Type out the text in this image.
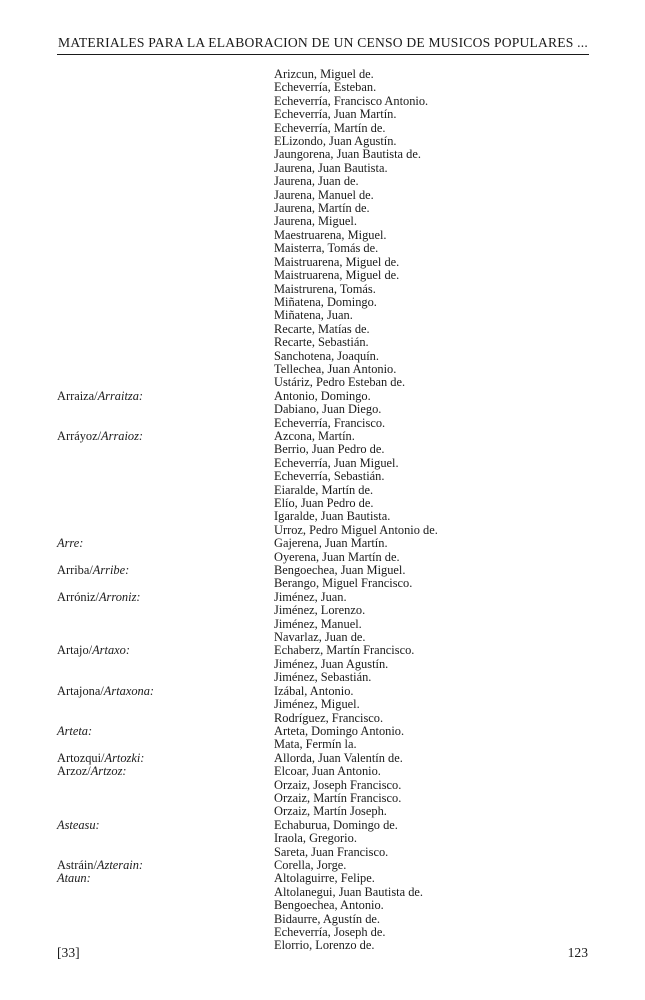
MATERIALES PARA LA ELABORACION DE UN CENSO DE MUSICOS POPULARES ...
Arizcun, Miguel de.
Echeverría, Esteban.
Echeverría, Francisco Antonio.
Echeverría, Juan Martín.
Echeverría, Martín de.
ELizondo, Juan Agustín.
Jaungorena, Juan Bautista de.
Jaurena, Juan Bautista.
Jaurena, Juan de.
Jaurena, Manuel de.
Jaurena, Martín de.
Jaurena, Miguel.
Maestruarena, Miguel.
Maisterra, Tomás de.
Maistruarena, Miguel de.
Maistruarena, Miguel de.
Maistrurena, Tomás.
Miñatena, Domingo.
Miñatena, Juan.
Recarte, Matías de.
Recarte, Sebastián.
Sanchotena, Joaquín.
Tellechea, Juan Antonio.
Ustáriz, Pedro Esteban de.
Arraiza/Arraitza:	Antonio, Domingo.
Dabiano, Juan Diego.
Echeverría, Francisco.
Arráyoz/Arraioz:	Azcona, Martín.
Berrio, Juan Pedro de.
Echeverría, Juan Miguel.
Echeverría, Sebastián.
Eiaralde, Martín de.
Elío, Juan Pedro de.
Igaralde, Juan Bautista.
Urroz, Pedro Miguel Antonio de.
Arre:	Gajerena, Juan Martín.
Oyerena, Juan Martín de.
Arriba/Arribe:	Bengoechea, Juan Miguel.
Berango, Miguel Francisco.
Arróniz/Arroniz:	Jiménez, Juan.
Jiménez, Lorenzo.
Jiménez, Manuel.
Navarlaz, Juan de.
Artajo/Artaxo:	Echaberz, Martín Francisco.
Jiménez, Juan Agustín.
Jiménez, Sebastián.
Artajona/Artaxona:	Izábal, Antonio.
Jiménez, Miguel.
Rodríguez, Francisco.
Arteta:	Arteta, Domingo Antonio.
Mata, Fermín la.
Artozqui/Artozki:	Allorda, Juan Valentín de.
Arzoz/Artzoz:	Elcoar, Juan Antonio.
Orzaiz, Joseph Francisco.
Orzaiz, Martín Francisco.
Orzaiz, Martín Joseph.
Asteasu:	Echaburua, Domingo de.
Iraola, Gregorio.
Sareta, Juan Francisco.
Astráin/Azterain:	Corella, Jorge.
Ataun:	Altolaguirre, Felipe.
Altolanegui, Juan Bautista de.
Bengoechea, Antonio.
Bidaurre, Agustín de.
Echeverría, Joseph de.
Elorrio, Lorenzo de.
[33]	123
